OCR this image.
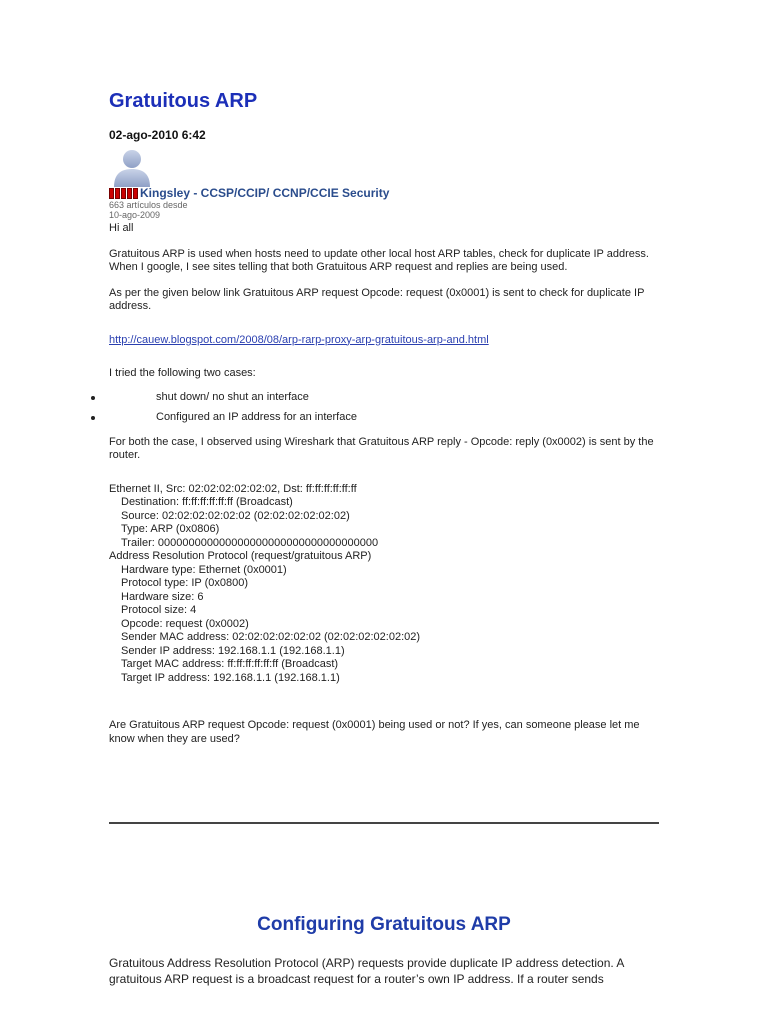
Gratuitous ARP
02-ago-2010 6:42
Kingsley - CCSP/CCIP/ CCNP/CCIE Security
663 artículos desde
10-ago-2009

Hi all

Gratuitous ARP is used when hosts need to update other local host ARP tables, check for duplicate IP address. When I google, I see sites telling that both Gratuitous ARP request and replies are being used.

As per the given below link Gratuitous ARP request Opcode: request (0x0001) is sent to check for duplicate IP address.

http://cauew.blogspot.com/2008/08/arp-rarp-proxy-arp-gratuitous-arp-and.html

I tried the following two cases:

shut down/ no shut an interface
Configured an IP address for an interface

For both the case, I observed using Wireshark that Gratuitous ARP reply - Opcode: reply (0x0002) is sent by the router.

Ethernet II, Src: 02:02:02:02:02:02, Dst: ff:ff:ff:ff:ff:ff
Destination: ff:ff:ff:ff:ff:ff (Broadcast)
Source: 02:02:02:02:02:02 (02:02:02:02:02:02)
Type: ARP (0x0806)
Trailer: 000000000000000000000000000000000000
Address Resolution Protocol (request/gratuitous ARP)
Hardware type: Ethernet (0x0001)
Protocol type: IP (0x0800)
Hardware size: 6
Protocol size: 4
Opcode: request (0x0002)
Sender MAC address: 02:02:02:02:02:02 (02:02:02:02:02:02)
Sender IP address: 192.168.1.1 (192.168.1.1)
Target MAC address: ff:ff:ff:ff:ff:ff (Broadcast)
Target IP address: 192.168.1.1 (192.168.1.1)

Are Gratuitous ARP request Opcode: request (0x0001) being used or not? If yes, can someone please let me know when they are used?

Configuring Gratuitous ARP
Gratuitous Address Resolution Protocol (ARP) requests provide duplicate IP address detection. A gratuitous ARP request is a broadcast request for a router’s own IP address. If a router sends
